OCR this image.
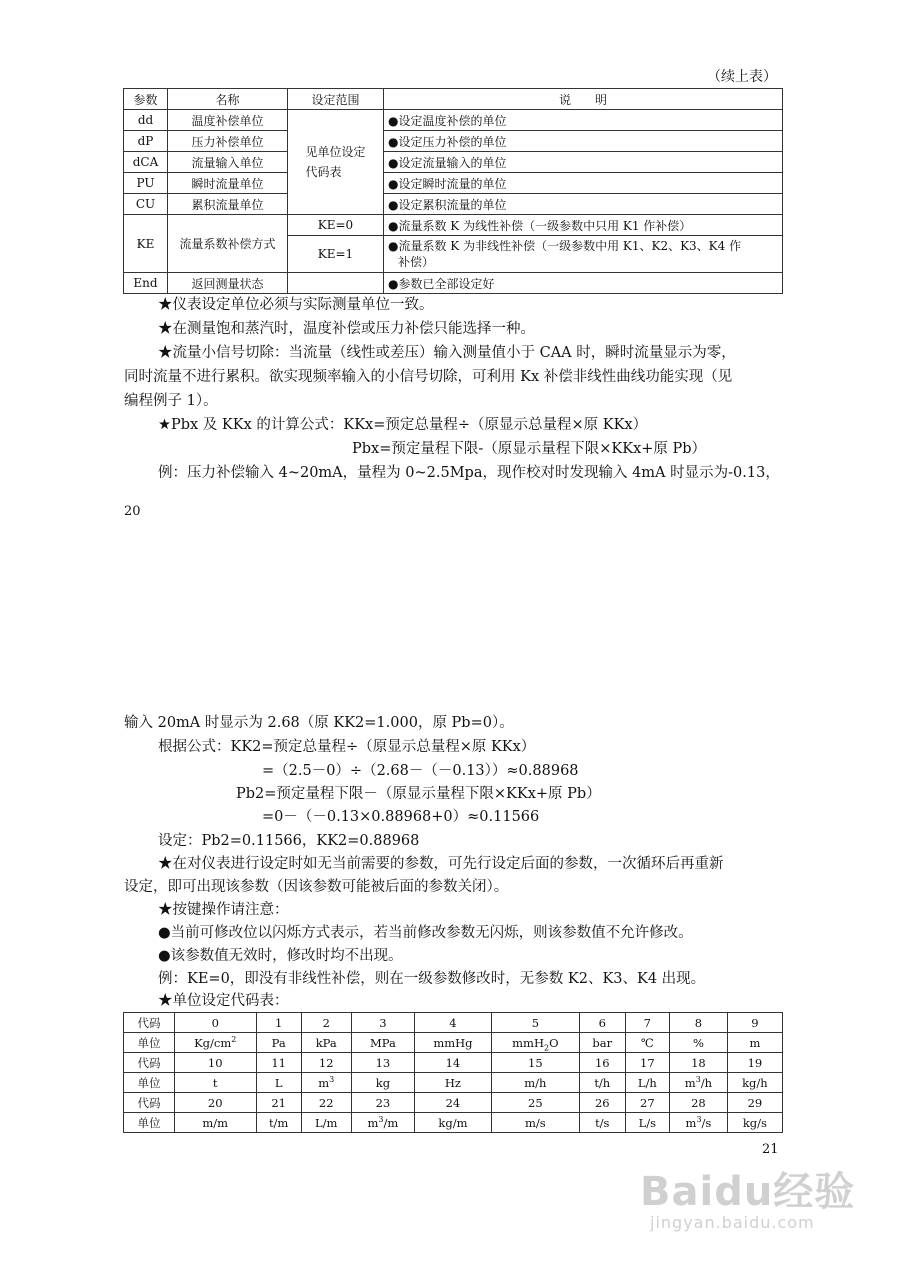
（续上表）
参数	名称	设定范围	说　　明
dd	温度补偿单位	见单位设定代码表	●设定温度补偿的单位
dP	压力补偿单位		●设定压力补偿的单位
dCA	流量输入单位		●设定流量输入的单位
PU	瞬时流量单位		●设定瞬时流量的单位
CU	累积流量单位		●设定累积流量的单位
KE	流量系数补偿方式	KE=0	●流量系数 K 为线性补偿（一级参数中只用 K1 作补偿）
		KE=1	●流量系数 K 为非线性补偿（一级参数中用 K1、K2、K3、K4 作
补偿）

End	返回测量状态		●参数已全部设定好
★仪表设定单位必须与实际测量单位一致。
★在测量饱和蒸汽时，温度补偿或压力补偿只能选择一种。
★流量小信号切除：当流量（线性或差压）输入测量值小于 CAA 时，瞬时流量显示为零，
同时流量不进行累积。欲实现频率输入的小信号切除，可利用 Kx 补偿非线性曲线功能实现（见
编程例子 1）。
★Pbx 及 KKx 的计算公式：KKx=预定总量程÷（原显示总量程×原 KKx）
Pbx=预定量程下限-（原显示量程下限×KKx+原 Pb）
例：压力补偿输入 4~20mA，量程为 0~2.5Mpa，现作校对时发现输入 4mA 时显示为-0.13，
20
输入 20mA 时显示为 2.68（原 KK2=1.000，原 Pb=0）。
根据公式：KK2=预定总量程÷（原显示总量程×原 KKx）
=（2.5－0）÷（2.68－（－0.13））≈0.88968
Pb2=预定量程下限－（原显示量程下限×KKx+原 Pb）
=0－（－0.13×0.88968+0）≈0.11566
设定：Pb2=0.11566，KK2=0.88968
★在对仪表进行设定时如无当前需要的参数，可先行设定后面的参数，一次循环后再重新
设定，即可出现该参数（因该参数可能被后面的参数关闭）。
★按键操作请注意：
●当前可修改位以闪烁方式表示，若当前修改参数无闪烁，则该参数值不允许修改。
●该参数值无效时，修改时均不出现。
例：KE=0，即没有非线性补偿，则在一级参数修改时，无参数 K2、K3、K4 出现。
★单位设定代码表：
代码	0	1	2	3	4	5	6	7	8	9
单位	$Kg/cm^2$	Pa	kPa	MPa	mmHg	mmH$_2$O	bar	℃	%	m
代码	10	11	12	13	14	15	16	17	18	19
单位	t	L	$m^3$	kg	Hz	m/h	t/h	L/h	$m^3/h$	kg/h
代码	20	21	22	23	24	25	26	27	28	29
单位	m/m	t/m	L/m	$m^3/m$	kg/m	m/s	t/s	L/s	$m^3/s$	kg/s
21
Baidu经验
jingyan.baidu.com
